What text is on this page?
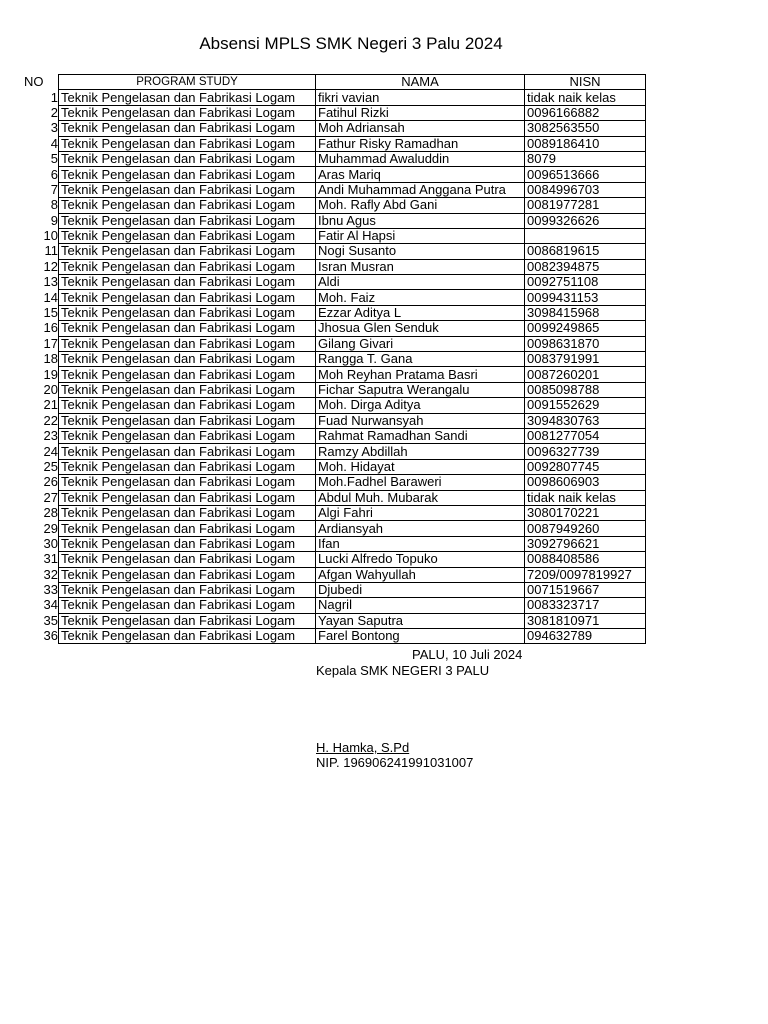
Absensi MPLS SMK Negeri 3 Palu 2024
NO	PROGRAM STUDY	NAMA	NISN
1	Teknik Pengelasan dan Fabrikasi Logam	fikri vavian	tidak naik kelas
2	Teknik Pengelasan dan Fabrikasi Logam	Fatihul Rizki	0096166882
3	Teknik Pengelasan dan Fabrikasi Logam	Moh Adriansah	3082563550
4	Teknik Pengelasan dan Fabrikasi Logam	Fathur Risky Ramadhan	0089186410
5	Teknik Pengelasan dan Fabrikasi Logam	Muhammad Awaluddin	8079
6	Teknik Pengelasan dan Fabrikasi Logam	Aras Mariq	0096513666
7	Teknik Pengelasan dan Fabrikasi Logam	Andi Muhammad Anggana Putra	0084996703
8	Teknik Pengelasan dan Fabrikasi Logam	Moh. Rafly Abd Gani	0081977281
9	Teknik Pengelasan dan Fabrikasi Logam	Ibnu Agus	0099326626
10	Teknik Pengelasan dan Fabrikasi Logam	Fatir Al Hapsi	
11	Teknik Pengelasan dan Fabrikasi Logam	Nogi Susanto	0086819615
12	Teknik Pengelasan dan Fabrikasi Logam	Isran Musran	0082394875
13	Teknik Pengelasan dan Fabrikasi Logam	Aldi	0092751108
14	Teknik Pengelasan dan Fabrikasi Logam	Moh. Faiz	0099431153
15	Teknik Pengelasan dan Fabrikasi Logam	Ezzar Aditya L	3098415968
16	Teknik Pengelasan dan Fabrikasi Logam	Jhosua Glen Senduk	0099249865
17	Teknik Pengelasan dan Fabrikasi Logam	Gilang Givari	0098631870
18	Teknik Pengelasan dan Fabrikasi Logam	Rangga T. Gana	0083791991
19	Teknik Pengelasan dan Fabrikasi Logam	Moh Reyhan Pratama Basri	0087260201
20	Teknik Pengelasan dan Fabrikasi Logam	Fichar Saputra Werangalu	0085098788
21	Teknik Pengelasan dan Fabrikasi Logam	Moh. Dirga Aditya	0091552629
22	Teknik Pengelasan dan Fabrikasi Logam	Fuad Nurwansyah	3094830763
23	Teknik Pengelasan dan Fabrikasi Logam	Rahmat Ramadhan Sandi	0081277054
24	Teknik Pengelasan dan Fabrikasi Logam	Ramzy Abdillah	0096327739
25	Teknik Pengelasan dan Fabrikasi Logam	Moh. Hidayat	0092807745
26	Teknik Pengelasan dan Fabrikasi Logam	Moh.Fadhel Baraweri	0098606903
27	Teknik Pengelasan dan Fabrikasi Logam	Abdul Muh. Mubarak	tidak naik kelas
28	Teknik Pengelasan dan Fabrikasi Logam	Algi Fahri	3080170221
29	Teknik Pengelasan dan Fabrikasi Logam	Ardiansyah	0087949260
30	Teknik Pengelasan dan Fabrikasi Logam	Ifan	3092796621
31	Teknik Pengelasan dan Fabrikasi Logam	Lucki Alfredo Topuko	0088408586
32	Teknik Pengelasan dan Fabrikasi Logam	Afgan Wahyullah	7209/0097819927
33	Teknik Pengelasan dan Fabrikasi Logam	Djubedi	0071519667
34	Teknik Pengelasan dan Fabrikasi Logam	Nagril	0083323717
35	Teknik Pengelasan dan Fabrikasi Logam	Yayan Saputra	3081810971
36	Teknik Pengelasan dan Fabrikasi Logam	Farel Bontong	094632789
PALU, 10 Juli 2024
Kepala SMK NEGERI 3 PALU
H. Hamka, S.Pd
NIP. 196906241991031007
